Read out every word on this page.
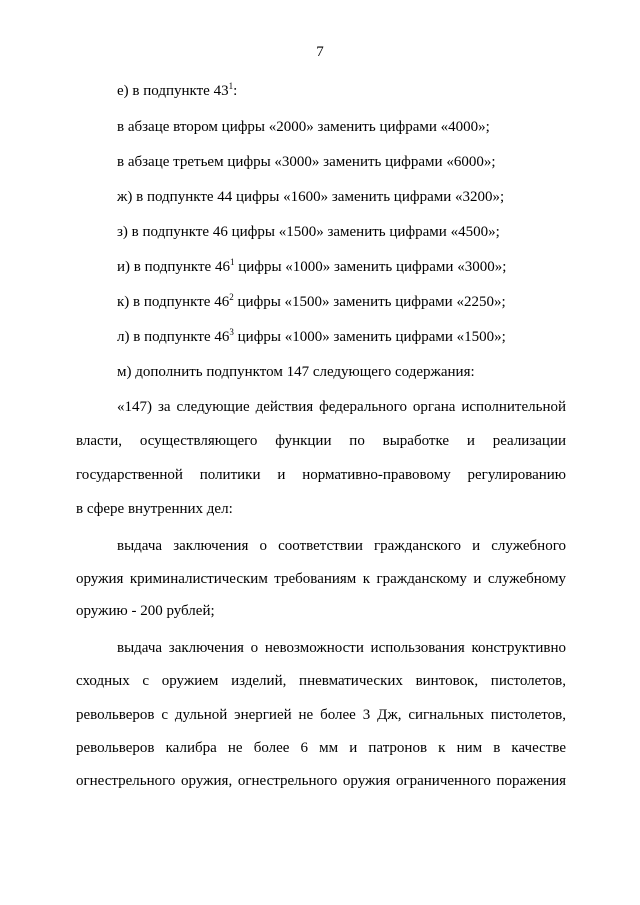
7
е) в подпункте $43^1$:
в абзаце втором цифры «2000» заменить цифрами «4000»;
в абзаце третьем цифры «3000» заменить цифрами «6000»;
ж) в подпункте 44 цифры «1600» заменить цифрами «3200»;
з) в подпункте 46 цифры «1500» заменить цифрами «4500»;
и) в подпункте $46^1$ цифры «1000» заменить цифрами «3000»;
к) в подпункте $46^2$ цифры «1500» заменить цифрами «2250»;
л) в подпункте $46^3$ цифры «1000» заменить цифрами «1500»;
м) дополнить подпунктом 147 следующего содержания:
«147) за следующие действия федерального органа исполнительной
власти, осуществляющего функции по выработке и реализации
государственной политики и нормативно-правовому регулированию
в сфере внутренних дел:
выдача заключения о соответствии гражданского и служебного
оружия криминалистическим требованиям к гражданскому и служебному
оружию - 200 рублей;
выдача заключения о невозможности использования конструктивно
сходных с оружием изделий, пневматических винтовок, пистолетов,
револьверов с дульной энергией не более 3 Дж, сигнальных пистолетов,
револьверов калибра не более 6 мм и патронов к ним в качестве
огнестрельного оружия, огнестрельного оружия ограниченного поражения
